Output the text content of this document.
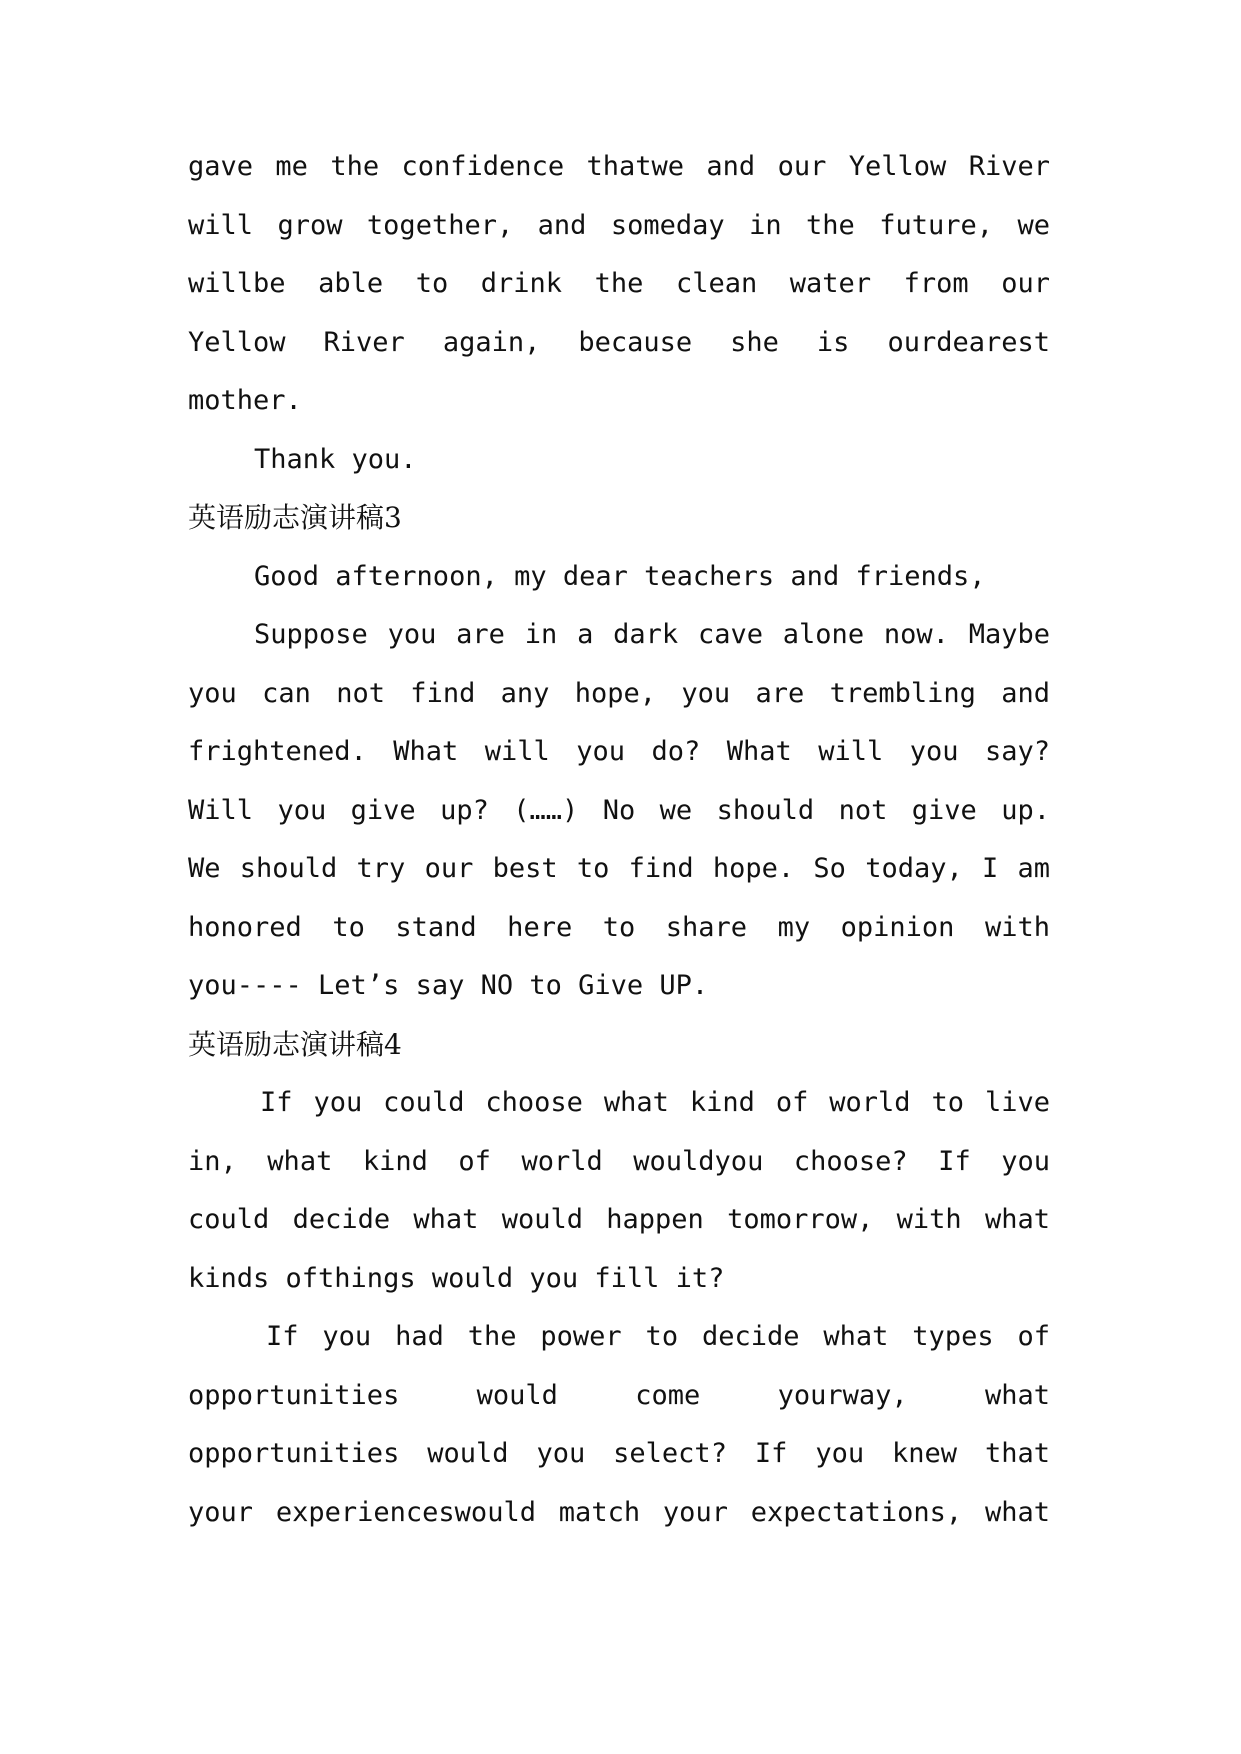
gave me the confidence thatwe and our Yellow River
will grow together, and someday in the future, we
willbe able to drink the clean water from our
Yellow River again, because she is ourdearest
mother.
Thank you.
英语励志演讲稿3
Good afternoon, my dear teachers and friends,
Suppose you are in a dark cave alone now. Maybe
you can not find any hope, you are trembling and
frightened. What will you do? What will you say?
Will you give up? (……) No we should not give up.
We should try our best to find hope. So today, I am
honored to stand here to share my opinion with
you---- Let’s say NO to Give UP.
英语励志演讲稿4
If you could choose what kind of world to live
in, what kind of world wouldyou choose? If you
could decide what would happen tomorrow, with what
kinds ofthings would you fill it?
If you had the power to decide what types of
opportunities would come yourway, what
opportunities would you select? If you knew that
your experienceswould match your expectations, what
